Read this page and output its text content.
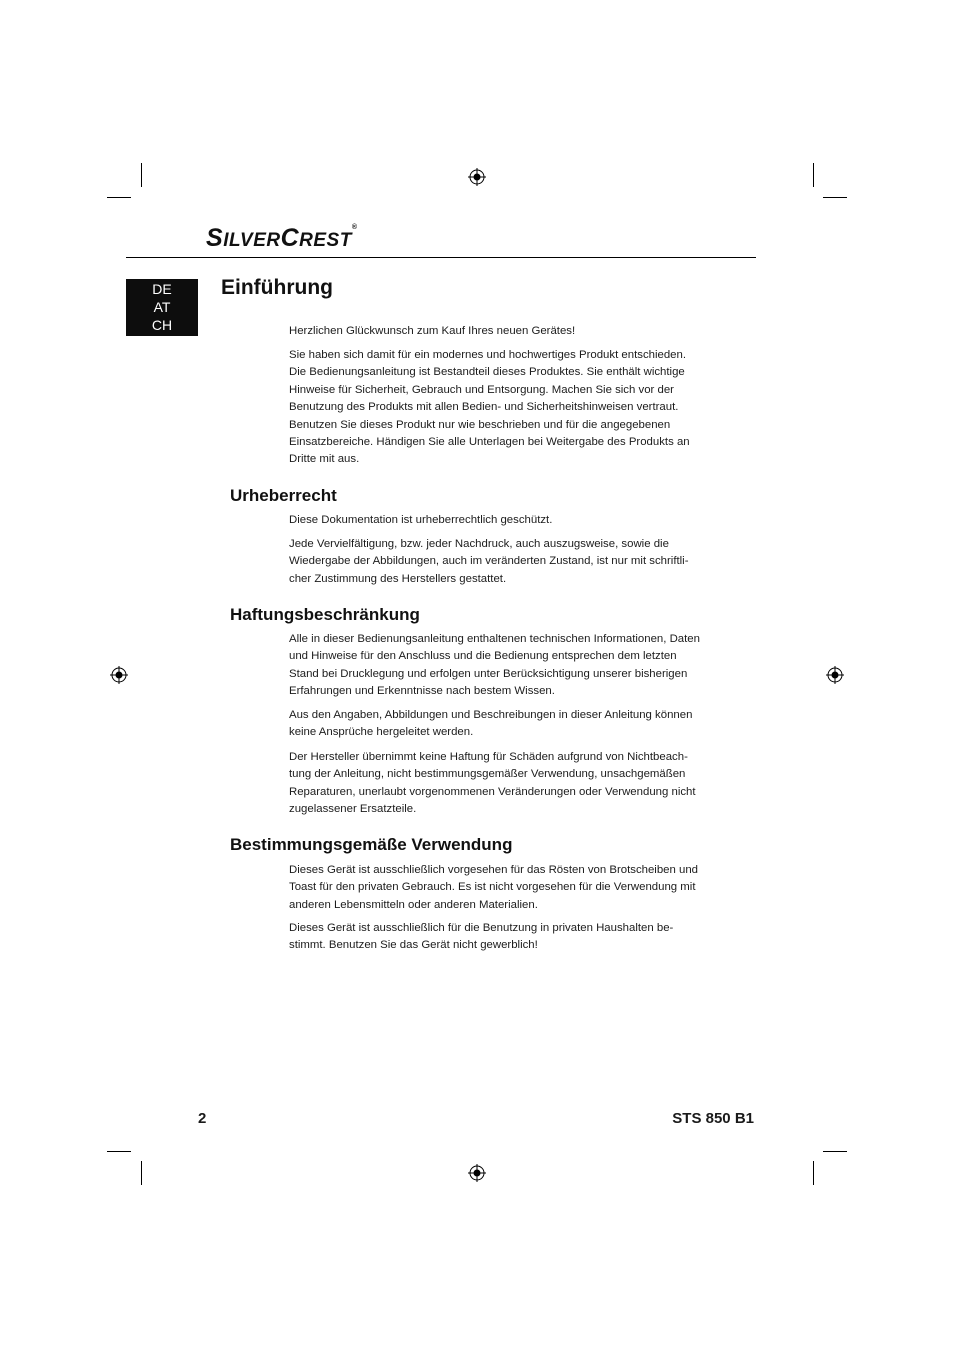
SILVERCREST®
DE
AT
CH
Einführung
Herzlichen Glückwunsch zum Kauf Ihres neuen Gerätes!
Sie haben sich damit für ein modernes und hochwertiges Produkt entschieden.
Die Bedienungsanleitung ist Bestandteil dieses Produktes. Sie enthält wichtige
Hinweise für Sicherheit, Gebrauch und Entsorgung. Machen Sie sich vor der
Benutzung des Produkts mit allen Bedien- und Sicherheitshinweisen vertraut.
Benutzen Sie dieses Produkt nur wie beschrieben und für die angegebenen
Einsatzbereiche. Händigen Sie alle Unterlagen bei Weitergabe des Produkts an
Dritte mit aus.
Urheberrecht
Diese Dokumentation ist urheberrechtlich geschützt.
Jede Vervielfältigung, bzw. jeder Nachdruck, auch auszugsweise, sowie die
Wiedergabe der Abbildungen, auch im veränderten Zustand, ist nur mit schriftli-
cher Zustimmung des Herstellers gestattet.
Haftungsbeschränkung
Alle in dieser Bedienungsanleitung enthaltenen technischen Informationen, Daten
und Hinweise für den Anschluss und die Bedienung entsprechen dem letzten
Stand bei Drucklegung und erfolgen unter Berücksichtigung unserer bisherigen
Erfahrungen und Erkenntnisse nach bestem Wissen.
Aus den Angaben, Abbildungen und Beschreibungen in dieser Anleitung können
keine Ansprüche hergeleitet werden.
Der Hersteller übernimmt keine Haftung für Schäden aufgrund von Nichtbeach-
tung der Anleitung, nicht bestimmungsgemäßer Verwendung, unsachgemäßen
Reparaturen, unerlaubt vorgenommenen Veränderungen oder Verwendung nicht
zugelassener Ersatzteile.
Bestimmungsgemäße Verwendung
Dieses Gerät ist ausschließlich vorgesehen für das Rösten von Brotscheiben und
Toast für den privaten Gebrauch. Es ist nicht vorgesehen für die Verwendung mit
anderen Lebensmitteln oder anderen Materialien.
Dieses Gerät ist ausschließlich für die Benutzung in privaten Haushalten be-
stimmt. Benutzen Sie das Gerät nicht gewerblich!
2	STS 850 B1
